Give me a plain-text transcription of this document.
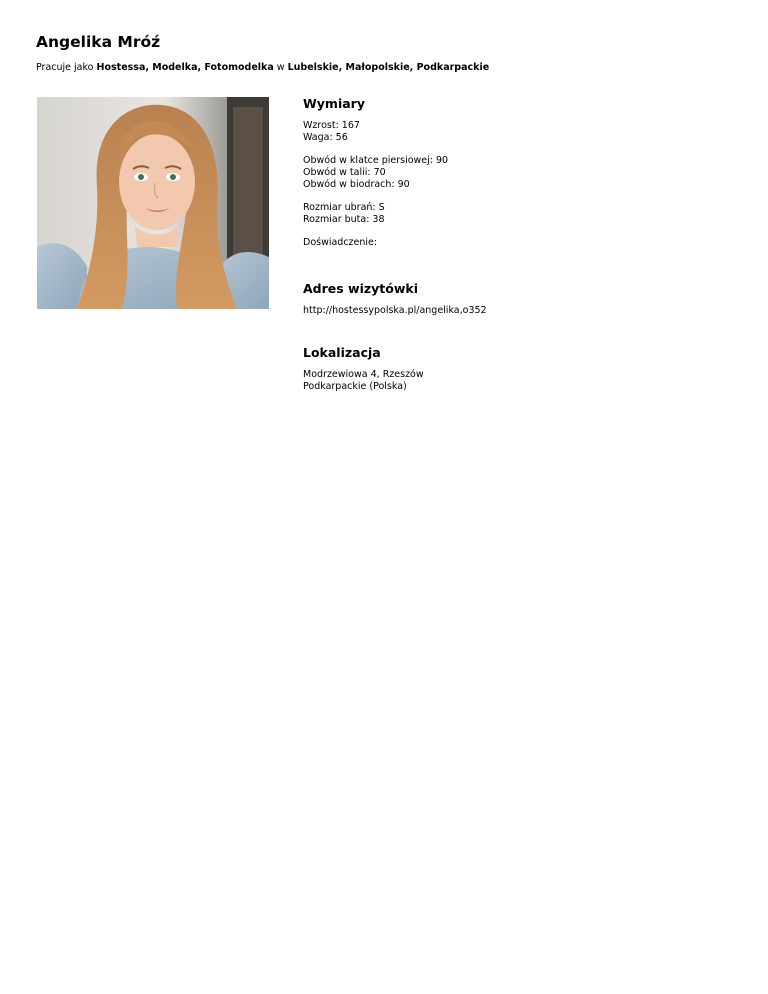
Angelika Mróź

Pracuje jako Hostessa, Modelka, Fotomodelka w Lubelskie, Małopolskie, Podkarpackie

Wymiary
Wzrost: 167
Waga: 56
Obwód w klatce piersiowej: 90
Obwód w talii: 70
Obwód w biodrach: 90
Rozmiar ubrań: S
Rozmiar buta: 38
Doświadczenie:
Adres wizytówki
http://hostessypolska.pl/angelika,o352
Lokalizacja
Modrzewiowa 4, Rzeszów
Podkarpackie (Polska)
